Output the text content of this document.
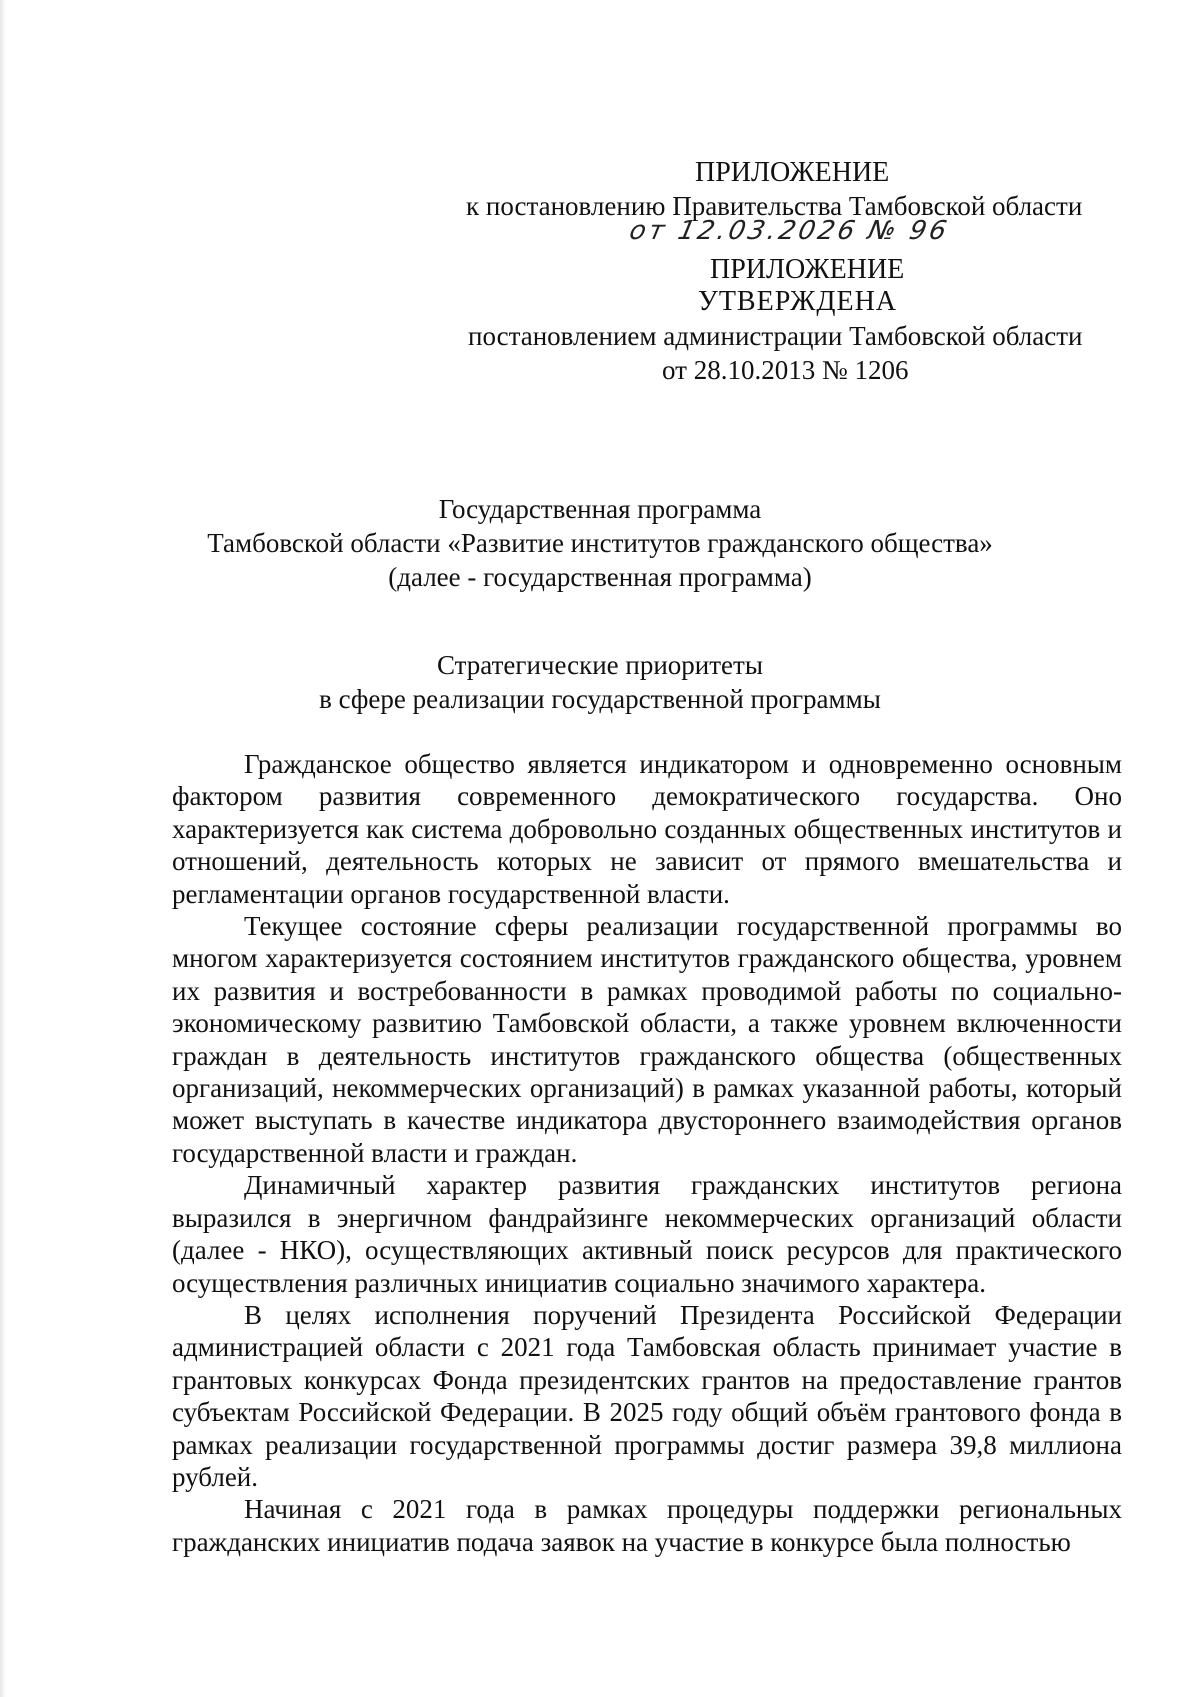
ПРИЛОЖЕНИЕ
к постановлению Правительства Тамбовской области
от 12.03.2026 № 96
ПРИЛОЖЕНИЕ
УТВЕРЖДЕНА
постановлением администрации Тамбовской области
от 28.10.2013 № 1206
Государственная программа
Тамбовской области «Развитие институтов гражданского общества»
(далее - государственная программа)
Стратегические приоритеты
в сфере реализации государственной программы

Гражданское общество является индикатором и одновременно основным фактором развития современного демократического государства. Оно характеризуется как система добровольно созданных общественных институтов и отношений, деятельность которых не зависит от прямого вмешательства и регламентации органов государственной власти.

Текущее состояние сферы реализации государственной программы во многом характеризуется состоянием институтов гражданского общества, уровнем их развития и востребованности в рамках проводимой работы по социально-экономическому развитию Тамбовской области, а также уровнем включенности граждан в деятельность институтов гражданского общества (общественных организаций, некоммерческих организаций) в рамках указанной работы, который может выступать в качестве индикатора двустороннего взаимодействия органов государственной власти и граждан.

Динамичный характер развития гражданских институтов региона выразился в энергичном фандрайзинге некоммерческих организаций области (далее - НКО), осуществляющих активный поиск ресурсов для практического осуществления различных инициатив социально значимого характера.

В целях исполнения поручений Президента Российской Федерации администрацией области с 2021 года Тамбовская область принимает участие в грантовых конкурсах Фонда президентских грантов на предоставление грантов субъектам Российской Федерации. В 2025 году общий объём грантового фонда в рамках реализации государственной программы достиг размера 39,8 миллиона рублей.

Начиная с 2021 года в рамках процедуры поддержки региональных гражданских инициатив подача заявок на участие в конкурсе была полностью
